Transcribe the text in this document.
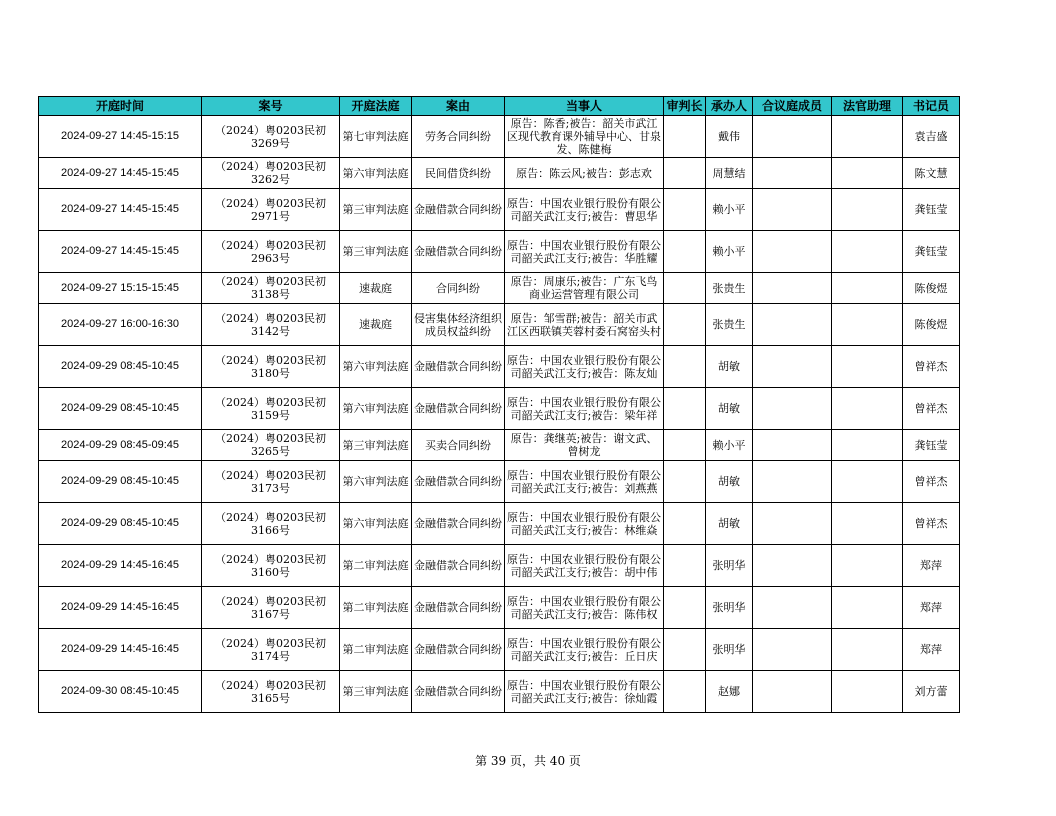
开庭时间	案号	开庭法庭	案由	当事人	审判长	承办人	合议庭成员	法官助理	书记员
2024-09-27 14:45-15:15	（2024）粤0203民初3269号	第七审判法庭	劳务合同纠纷	原告：陈香;被告：韶关市武江区现代教育课外辅导中心、甘泉发、陈健梅		戴伟			袁吉盛
2024-09-27 14:45-15:45	（2024）粤0203民初3262号	第六审判法庭	民间借贷纠纷	原告：陈云风;被告：彭志欢		周慧结			陈文慧
2024-09-27 14:45-15:45	（2024）粤0203民初2971号	第三审判法庭	金融借款合同纠纷	原告：中国农业银行股份有限公司韶关武江支行;被告：曹思华		赖小平			龚钰莹
2024-09-27 14:45-15:45	（2024）粤0203民初2963号	第三审判法庭	金融借款合同纠纷	原告：中国农业银行股份有限公司韶关武江支行;被告：华胜耀		赖小平			龚钰莹
2024-09-27 15:15-15:45	（2024）粤0203民初3138号	速裁庭	合同纠纷	原告：周康乐;被告：广东飞鸟商业运营管理有限公司		张贵生			陈俊煜
2024-09-27 16:00-16:30	（2024）粤0203民初3142号	速裁庭	侵害集体经济组织成员权益纠纷	原告：邹雪群;被告：韶关市武江区西联镇芙蓉村委石窝窑头村		张贵生			陈俊煜
2024-09-29 08:45-10:45	（2024）粤0203民初3180号	第六审判法庭	金融借款合同纠纷	原告：中国农业银行股份有限公司韶关武江支行;被告：陈友灿		胡敏			曾祥杰
2024-09-29 08:45-10:45	（2024）粤0203民初3159号	第六审判法庭	金融借款合同纠纷	原告：中国农业银行股份有限公司韶关武江支行;被告：梁年祥		胡敏			曾祥杰
2024-09-29 08:45-09:45	（2024）粤0203民初3265号	第三审判法庭	买卖合同纠纷	原告：龚继英;被告：谢文武、曾树龙		赖小平			龚钰莹
2024-09-29 08:45-10:45	（2024）粤0203民初3173号	第六审判法庭	金融借款合同纠纷	原告：中国农业银行股份有限公司韶关武江支行;被告：刘燕燕		胡敏			曾祥杰
2024-09-29 08:45-10:45	（2024）粤0203民初3166号	第六审判法庭	金融借款合同纠纷	原告：中国农业银行股份有限公司韶关武江支行;被告：林维焱		胡敏			曾祥杰
2024-09-29 14:45-16:45	（2024）粤0203民初3160号	第二审判法庭	金融借款合同纠纷	原告：中国农业银行股份有限公司韶关武江支行;被告：胡中伟		张明华			郑萍
2024-09-29 14:45-16:45	（2024）粤0203民初3167号	第二审判法庭	金融借款合同纠纷	原告：中国农业银行股份有限公司韶关武江支行;被告：陈伟权		张明华			郑萍
2024-09-29 14:45-16:45	（2024）粤0203民初3174号	第二审判法庭	金融借款合同纠纷	原告：中国农业银行股份有限公司韶关武江支行;被告：丘日庆		张明华			郑萍
2024-09-30 08:45-10:45	（2024）粤0203民初3165号	第三审判法庭	金融借款合同纠纷	原告：中国农业银行股份有限公司韶关武江支行;被告：徐灿霞		赵娜			刘方蕾
第 39 页，共 40 页
